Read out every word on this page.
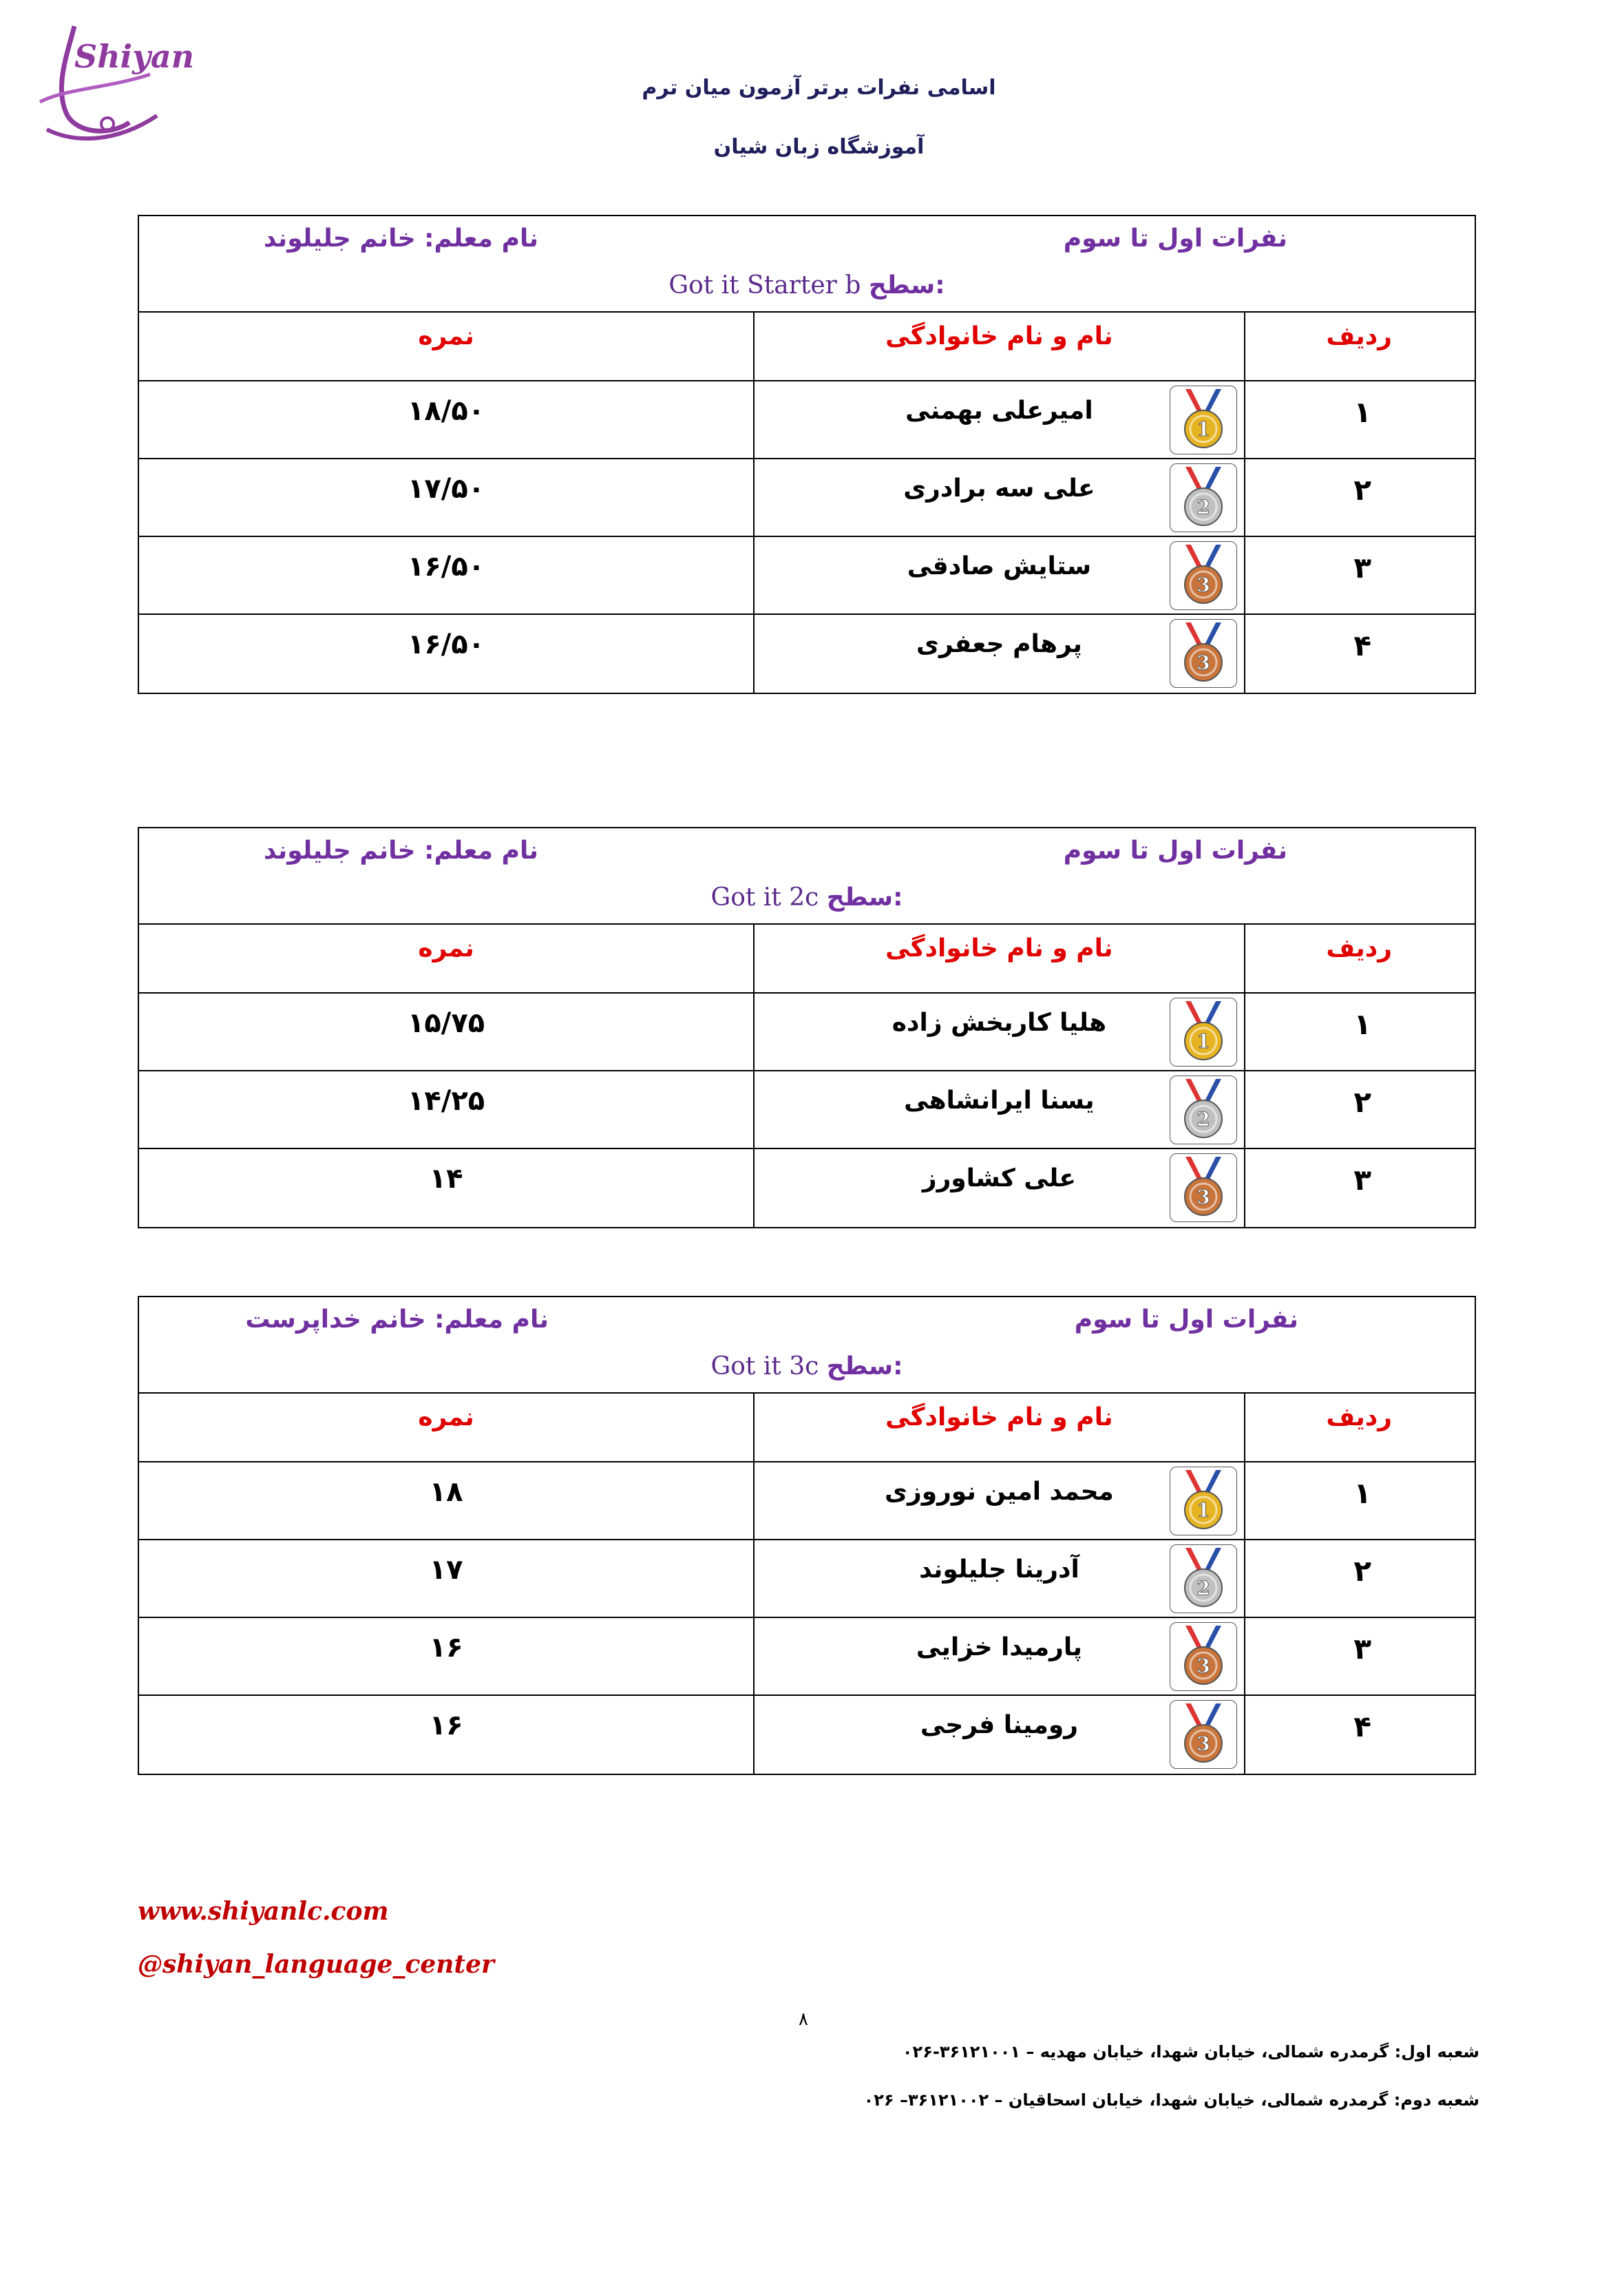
Shiyan
اسامی نفرات برتر آزمون میان ترم
آموزشگاه زبان شیان
نفرات اول تا سوم
نام معلم: خانم جلیلوند
Got it Starter b سطح:
ردیف
نام و نام خانوادگی
نمره
۱
1
امیرعلی بهمنی
۱۸/۵۰
۲
2
علی سه برادری
۱۷/۵۰
۳
3
ستایش صادقی
۱۶/۵۰
۴
3
پرهام جعفری
۱۶/۵۰
نفرات اول تا سوم
نام معلم: خانم جلیلوند
Got it 2c سطح:
ردیف
نام و نام خانوادگی
نمره
۱
1
هلیا کاربخش زاده
۱۵/۷۵
۲
2
یسنا ایرانشاهی
۱۴/۲۵
۳
3
علی کشاورز
۱۴
نفرات اول تا سوم
نام معلم: خانم خداپرست
Got it 3c سطح:
ردیف
نام و نام خانوادگی
نمره
۱
1
محمد امین نوروزی
۱۸
۲
2
آدرینا جلیلوند
۱۷
۳
3
پارمیدا خزایی
۱۶
۴
3
رومینا فرجی
۱۶
www.shiyanlc.com
@shiyan_language_center
۸
شعبه اول: گرمدره شمالی، خیابان شهدا، خیابان مهدیه – ۳۶۱۲۱۰۰۱-۰۲۶
شعبه دوم: گرمدره شمالی، خیابان شهدا، خیابان اسحاقیان – ۳۶۱۲۱۰۰۲– ۰۲۶
